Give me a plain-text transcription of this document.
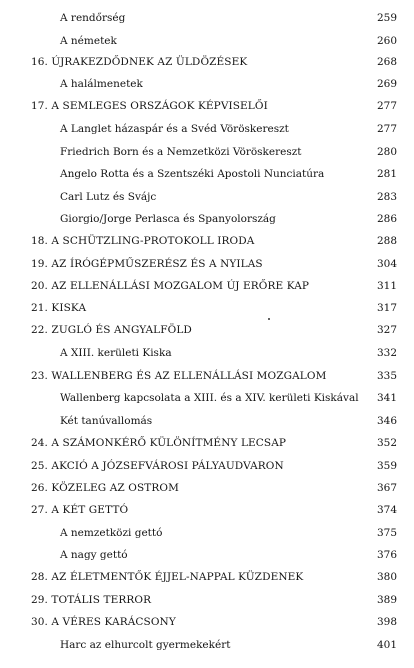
A rendőrség	259
A németek	260
16. ÚJRAKEZDŐDNEK AZ ÜLDÖZÉSEK	268
A halálmenetek	269
17. A SEMLEGES ORSZÁGOK KÉPVISELŐI	277
A Langlet házaspár és a Svéd Vöröskereszt	277
Friedrich Born és a Nemzetközi Vöröskereszt	280
Angelo Rotta és a Szentszéki Apostoli Nunciatúra	281
Carl Lutz és Svájc	283
Giorgio/Jorge Perlasca és Spanyolország	286
18. A SCHÜTZLING-PROTOKOLL IRODA	288
19. AZ ÍRÓGÉPMŰSZERÉSZ ÉS A NYILAS	304
20. AZ ELLENÁLLÁSI MOZGALOM ÚJ ERŐRE KAP	311
21. KISKA	317
22. ZUGLÓ ÉS ANGYALFÖLD	327
A XIII. kerületi Kiska	332
23. WALLENBERG ÉS AZ ELLENÁLLÁSI MOZGALOM	335
Wallenberg kapcsolata a XIII. és a XIV. kerületi Kiskával 341
Két tanúvallomás	346
24. A SZÁMONKÉRŐ KÜLÖNÍTMÉNY LECSAP	352
25. AKCIÓ A JÓZSEFVÁROSI PÁLYAUDVARON	359
26. KÖZELEG AZ OSTROM	367
27. A KÉT GETTÓ	374
A nemzetközi gettó	375
A nagy gettó	376
28. AZ ÉLETMENTŐK ÉJJEL-NAPPAL KÜZDENEK	380
29. TOTÁLIS TERROR	389
30. A VÉRES KARÁCSONY	398
Harc az elhurcolt gyermekekért	401
